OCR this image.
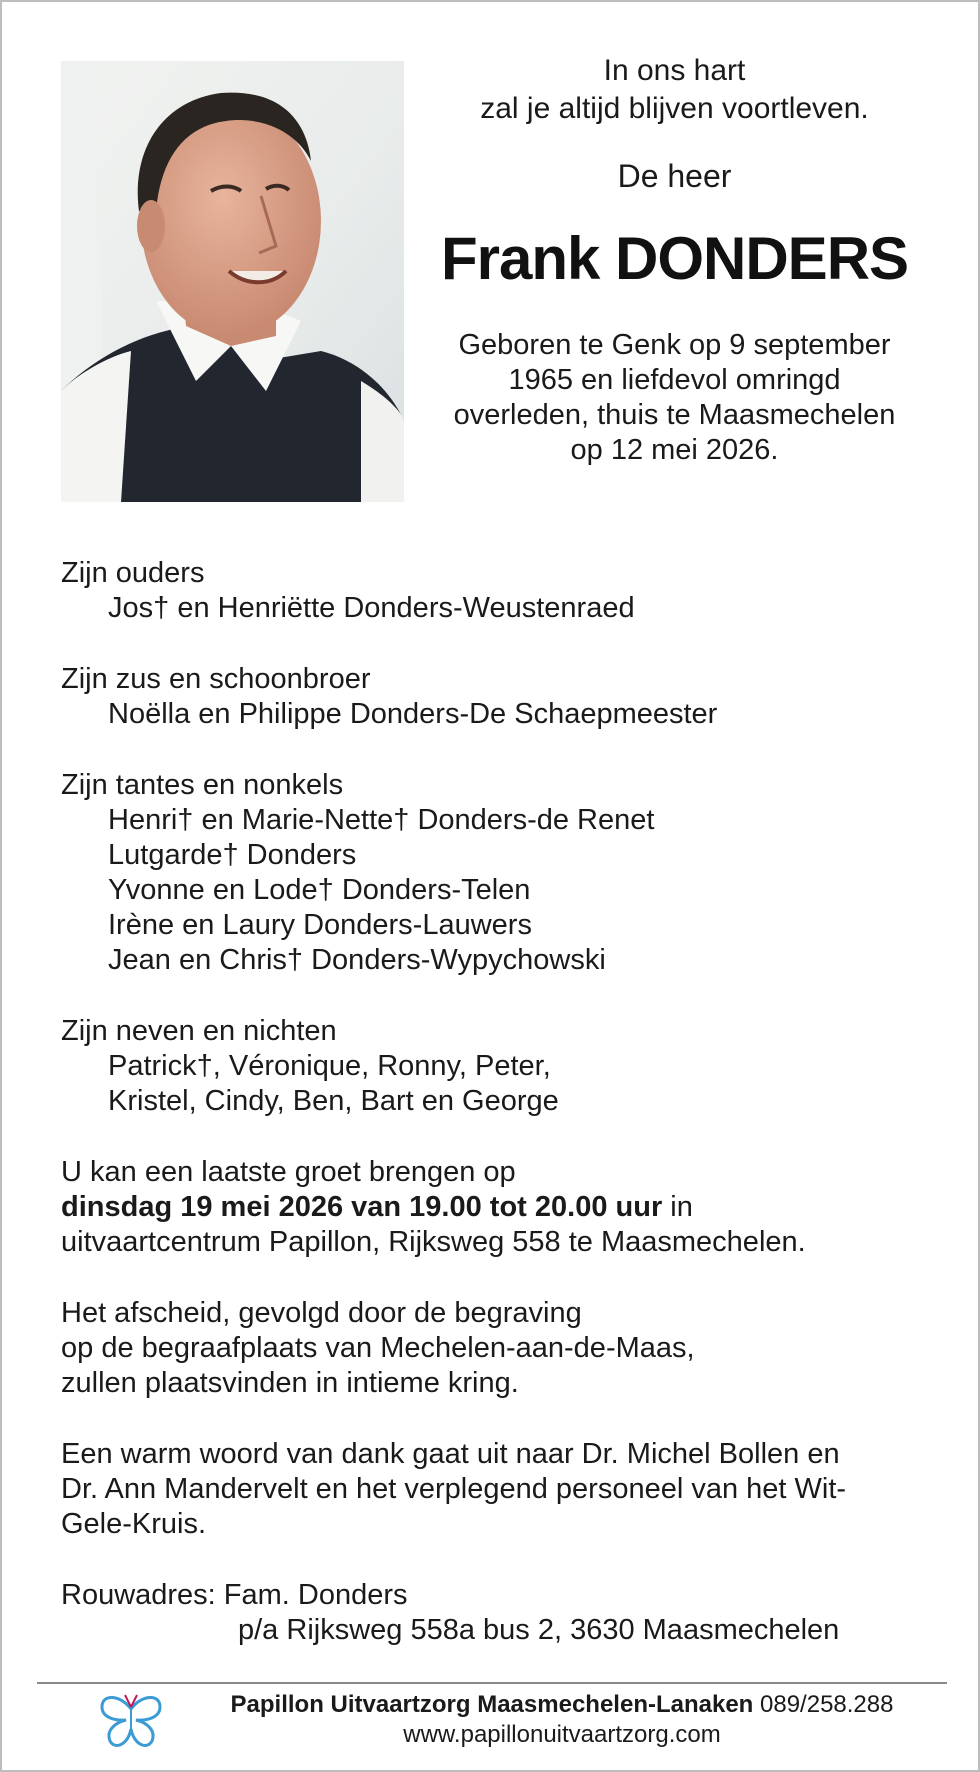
In ons hart
zal je altijd blijven voortleven.

De heer

Frank DONDERS

Geboren te Genk op 9 september
1965 en liefdevol omringd
overleden, thuis te Maasmechelen
op 12 mei 2026.

Zijn ouders
Jos† en Henriëtte Donders-Weustenraed
Zijn zus en schoonbroer
Noëlla en Philippe Donders-De Schaepmeester
Zijn tantes en nonkels
Henri† en Marie-Nette† Donders-de Renet
Lutgarde† Donders
Yvonne en Lode† Donders-Telen
Irène en Laury Donders-Lauwers
Jean en Chris† Donders-Wypychowski
Zijn neven en nichten
Patrick†, Véronique, Ronny, Peter,
Kristel, Cindy, Ben, Bart en George
U kan een laatste groet brengen op
dinsdag 19 mei 2026 van 19.00 tot 20.00 uur in
uitvaartcentrum Papillon, Rijksweg 558 te Maasmechelen.
Het afscheid, gevolgd door de begraving
op de begraafplaats van Mechelen-aan-de-Maas,
zullen plaatsvinden in intieme kring.
Een warm woord van dank gaat uit naar Dr. Michel Bollen en
Dr. Ann Mandervelt en het verplegend personeel van het Wit-
Gele-Kruis.
Rouwadres: Fam. Donders
p/a Rijksweg 558a bus 2, 3630 Maasmechelen
Papillon Uitvaartzorg Maasmechelen-Lanaken 089/258.288
www.papillonuitvaartzorg.com
